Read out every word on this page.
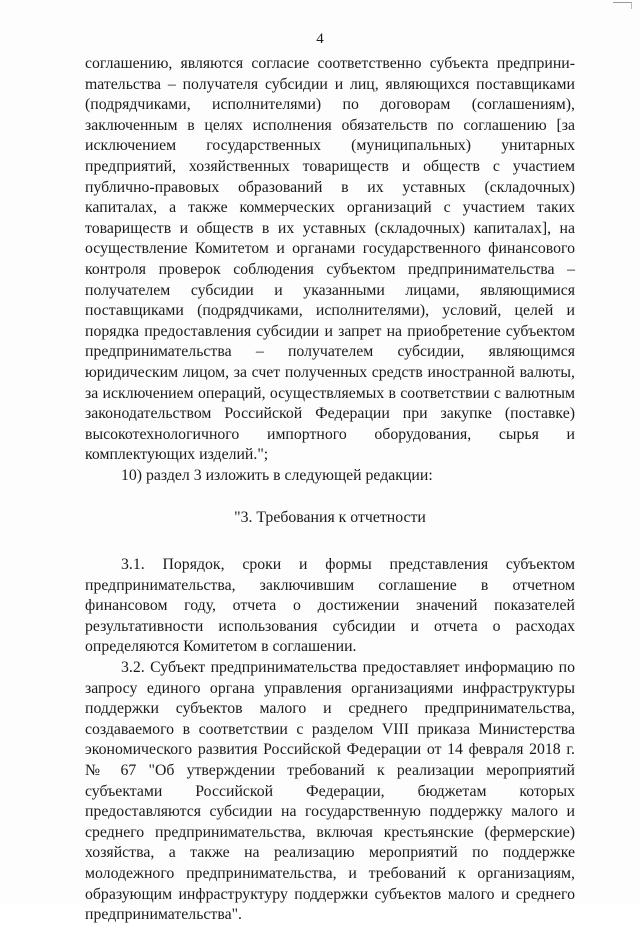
4

соглашению, являются согласие соответственно субъекта предприниmательства – получателя субсидии и лиц, являющихся поставщиками (подрядчиками, исполнителями) по договорам (соглашениям), заключенным в целях исполнения обязательств по соглашению [за исключением государственных (муниципальных) унитарных предприятий, хозяйственных товариществ и обществ с участием публично-правовых образований в их уставных (складочных) капиталах, а также коммерческих организаций с участием таких товариществ и обществ в их уставных (складочных) капиталах], на осуществление Комитетом и органами государственного финансового контроля проверок соблюдения субъектом предпринимательства – получателем субсидии и указанными лицами, являющимися поставщиками (подрядчиками, исполнителями), условий, целей и порядка предоставления субсидии и запрет на приобретение субъектом предпринимательства – получателем субсидии, являющимся юридическим лицом, за счет полученных средств иностранной валюты, за исключением операций, осуществляемых в соответствии с валютным законодательством Российской Федерации при закупке (поставке) высокотехнологичного импортного оборудования, сырья и комплектующих изделий.";

10) раздел 3 изложить в следующей редакции:

"3. Требования к отчетности

3.1. Порядок, сроки и формы представления субъектом предпринимательства, заключившим соглашение в отчетном финансовом году, отчета о достижении значений показателей результативности использования субсидии и отчета о расходах определяются Комитетом в соглашении.

3.2. Субъект предпринимательства предоставляет информацию по запросу единого органа управления организациями инфраструктуры поддержки субъектов малого и среднего предпринимательства, создаваемого в соответствии с разделом VIII приказа Министерства экономического развития Российской Федерации от 14 февраля 2018 г. № 67 "Об утверждении требований к реализации мероприятий субъектами Российской Федерации, бюджетам которых предоставляются субсидии на государственную поддержку малого и среднего предпринимательства, включая крестьянские (фермерские) хозяйства, а также на реализацию мероприятий по поддержке молодежного предпринимательства, и требований к организациям, образующим инфраструктуру поддержки субъектов малого и среднего предпринимательства".
